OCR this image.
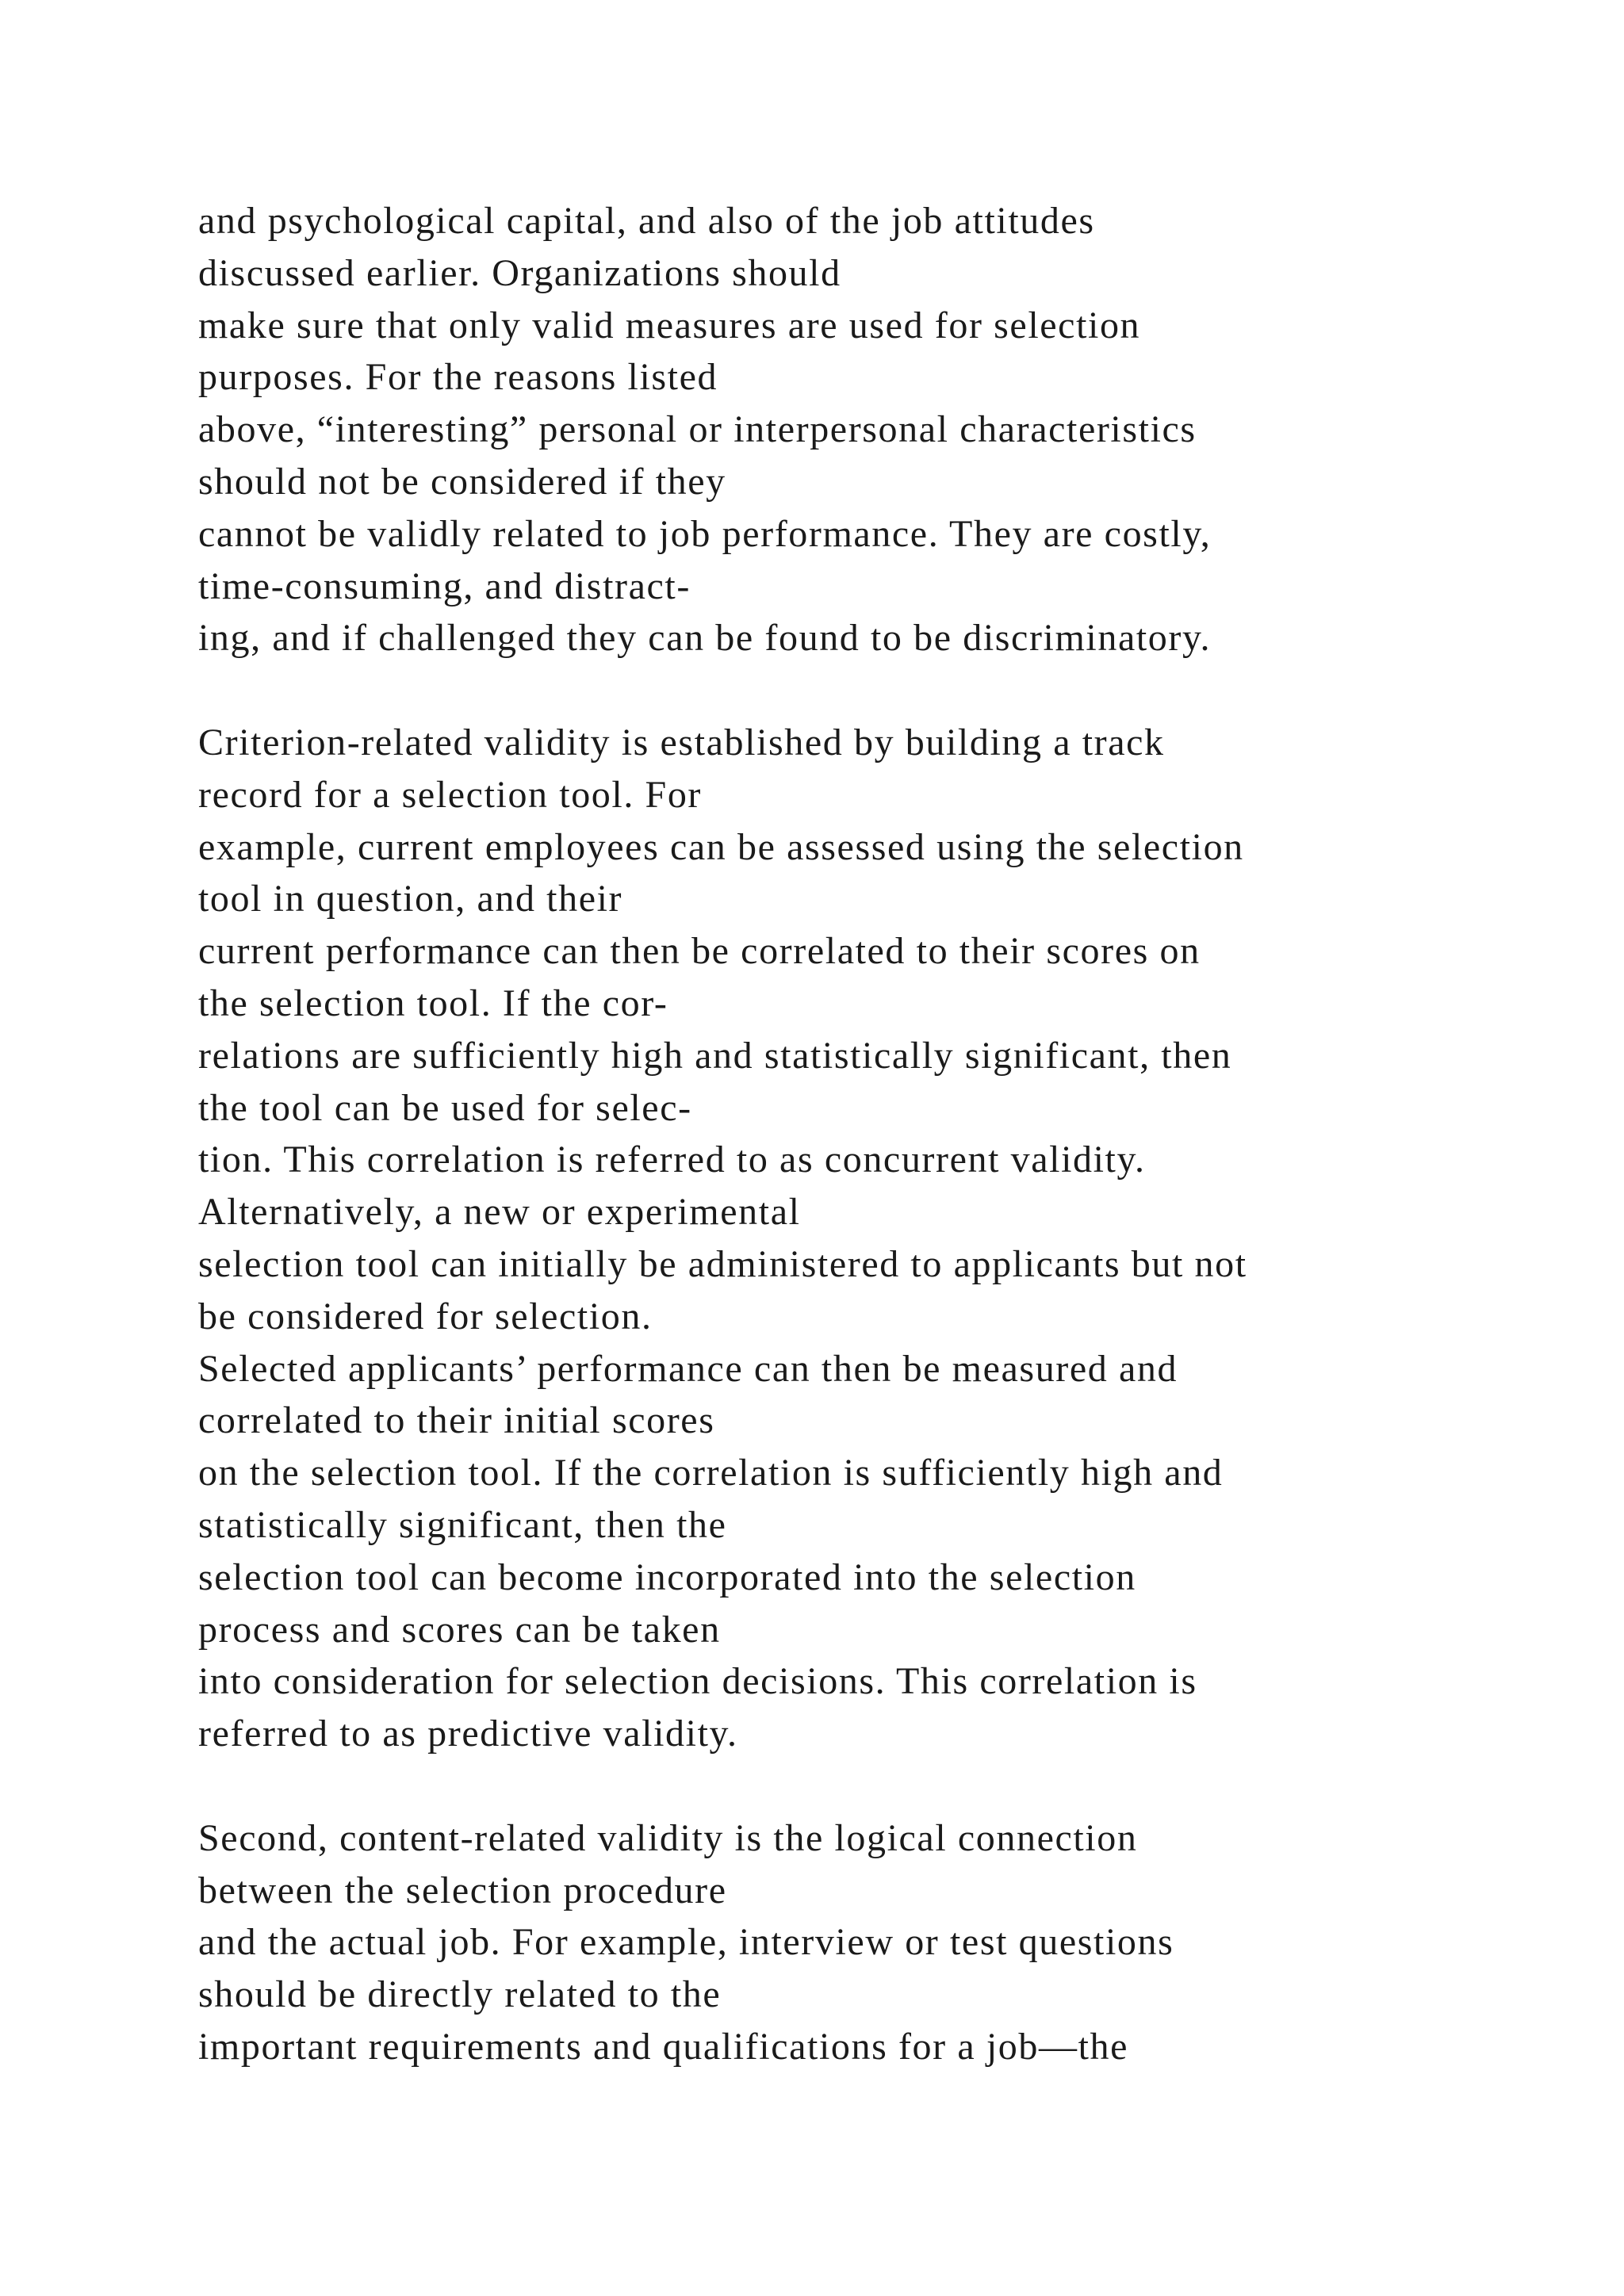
and psychological capital, and also of the job attitudes
discussed earlier. Organizations should
make sure that only valid measures are used for selection
purposes. For the reasons listed
above, “interesting” personal or interpersonal characteristics
should not be considered if they
cannot be validly related to job performance. They are costly,
time-consuming, and distract-
ing, and if challenged they can be found to be discriminatory.
Criterion-related validity is established by building a track
record for a selection tool. For
example, current employees can be assessed using the selection
tool in question, and their
current performance can then be correlated to their scores on
the selection tool. If the cor-
relations are sufficiently high and statistically significant, then
the tool can be used for selec-
tion. This correlation is referred to as concurrent validity.
Alternatively, a new or experimental
selection tool can initially be administered to applicants but not
be considered for selection.
Selected applicants’ performance can then be measured and
correlated to their initial scores
on the selection tool. If the correlation is sufficiently high and
statistically significant, then the
selection tool can become incorporated into the selection
process and scores can be taken
into consideration for selection decisions. This correlation is
referred to as predictive validity.
Second, content-related validity is the logical connection
between the selection procedure
and the actual job. For example, interview or test questions
should be directly related to the
important requirements and qualifications for a job—the
